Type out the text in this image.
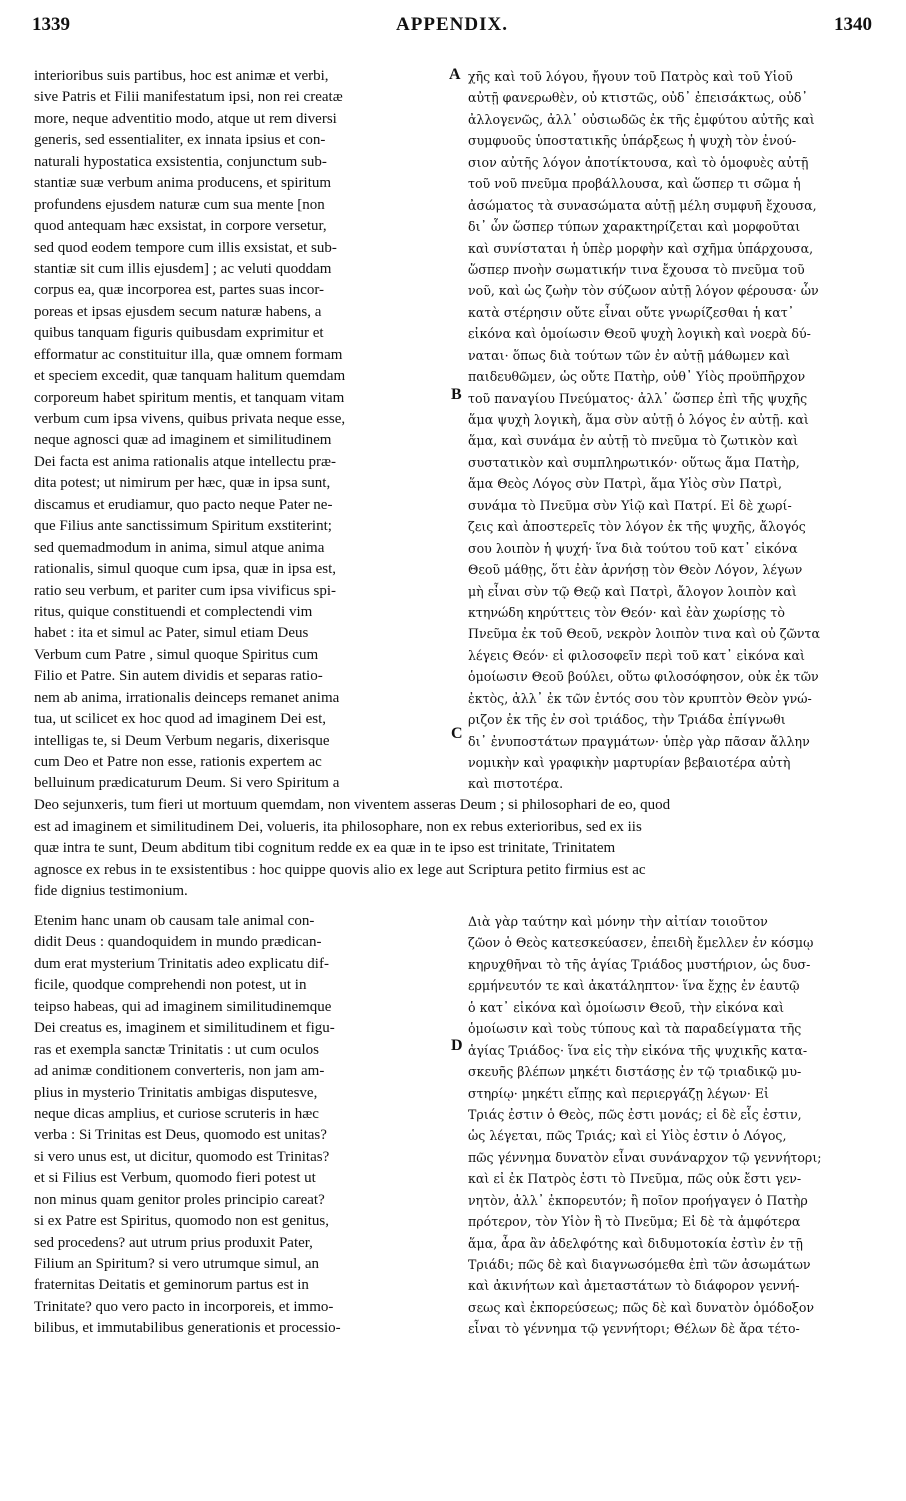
1339	APPENDIX.	1340
interioribus suis partibus, hoc est animæ et verbi,
sive Patris et Filii manifestatum ipsi, non rei creatæ
more, neque adventitio modo, atque ut rem diversi
generis, sed essentialiter, ex innata ipsius et con-
naturali hypostatica exsistentia, conjunctum sub-
stantiæ suæ verbum anima producens, et spiritum
profundens ejusdem naturæ cum sua mente [non
quod antequam hæc exsistat, in corpore versetur,
sed quod eodem tempore cum illis exsistat, et sub-
stantiæ sit cum illis ejusdem] ; ac veluti quoddam
corpus ea, quæ incorporea est, partes suas incor-
poreas et ipsas ejusdem secum naturæ habens, a
quibus tanquam figuris quibusdam exprimitur et
efformatur ac constituitur illa, quæ omnem formam
et speciem excedit, quæ tanquam halitum quemdam
corporeum habet spiritum mentis, et tanquam vitam
verbum cum ipsa vivens, quibus privata neque esse,
neque agnosci quæ ad imaginem et similitudinem
Dei facta est anima rationalis atque intellectu præ-
dita potest; ut nimirum per hæc, quæ in ipsa sunt,
discamus et erudiamur, quo pacto neque Pater ne-
que Filius ante sanctissimum Spiritum exstiterint;
sed quemadmodum in anima, simul atque anima
rationalis, simul quoque cum ipsa, quæ in ipsa est,
ratio seu verbum, et pariter cum ipsa vivificus spi-
ritus, quique constituendi et complectendi vim
habet : ita et simul ac Pater, simul etiam Deus
Verbum cum Patre , simul quoque Spiritus cum
Filio et Patre. Sin autem dividis et separas ratio-
nem ab anima, irrationalis deinceps remanet anima
tua, ut scilicet ex hoc quod ad imaginem Dei est,
intelligas te, si Deum Verbum negaris, dixerisque
cum Deo et Patre non esse, rationis expertem ac
belluinum prædicaturum Deum. Si vero Spiritum a
χῆς καὶ τοῦ λόγου, ἤγουν τοῦ Πατρὸς καὶ τοῦ Υἱοῦ
αὐτῇ φανερωθὲν, οὐ κτιστῶς, οὐδ᾽ ἐπεισάκτως, οὐδ᾽
ἀλλογενῶς, ἀλλ᾽ οὐσιωδῶς ἐκ τῆς ἐμφύτου αὐτῆς καὶ
συμφυοῦς ὑποστατικῆς ὑπάρξεως ἡ ψυχὴ τὸν ἐνού-
σιον αὐτῆς λόγον ἀποτίκτουσα, καὶ τὸ ὁμοφυὲς αὐτῇ
τοῦ νοῦ πνεῦμα προβάλλουσα, καὶ ὥσπερ τι σῶμα ἡ
ἀσώματος τὰ συνασώματα αὐτῇ μέλη συμφυῆ ἔχουσα,
δι᾽ ὧν ὥσπερ τύπων χαρακτηρίζεται καὶ μορφοῦται
καὶ συνίσταται ἡ ὑπὲρ μορφὴν καὶ σχῆμα ὑπάρχουσα,
ὥσπερ πνοὴν σωματικήν τινα ἔχουσα τὸ πνεῦμα τοῦ
νοῦ, καὶ ὡς ζωὴν τὸν σύζωον αὐτῇ λόγον φέρουσα· ὧν
κατὰ στέρησιν οὔτε εἶναι οὔτε γνωρίζεσθαι ἡ κατ᾽
εἰκόνα καὶ ὁμοίωσιν Θεοῦ ψυχὴ λογικὴ καὶ νοερὰ δύ-
ναται· ὅπως διὰ τούτων τῶν ἐν αὐτῇ μάθωμεν καὶ
παιδευθῶμεν, ὡς οὔτε Πατὴρ, οὐθ᾽ Υἱὸς προϋπῆρχον
τοῦ παναγίου Πνεύματος· ἀλλ᾽ ὥσπερ ἐπὶ τῆς ψυχῆς
ἅμα ψυχὴ λογικὴ, ἅμα σὺν αὐτῇ ὁ λόγος ἐν αὐτῇ. καὶ
ἅμα, καὶ συνάμα ἐν αὐτῇ τὸ πνεῦμα τὸ ζωτικὸν καὶ
συστατικὸν καὶ συμπληρωτικόν· οὕτως ἅμα Πατὴρ,
ἅμα Θεὸς Λόγος σὺν Πατρὶ, ἅμα Υἱὸς σὺν Πατρὶ,
συνάμα τὸ Πνεῦμα σὺν Υἱῷ καὶ Πατρί. Εἰ δὲ χωρί-
ζεις καὶ ἀποστερεῖς τὸν λόγον ἐκ τῆς ψυχῆς, ἄλογός
σου λοιπὸν ἡ ψυχή· ἵνα διὰ τούτου τοῦ κατ᾽ εἰκόνα
Θεοῦ μάθῃς, ὅτι ἐὰν ἀρνήσῃ τὸν Θεὸν Λόγον, λέγων
μὴ εἶναι σὺν τῷ Θεῷ καὶ Πατρὶ, ἄλογον λοιπὸν καὶ
κτηνώδη κηρύττεις τὸν Θεόν· καὶ ἐὰν χωρίσῃς τὸ
Πνεῦμα ἐκ τοῦ Θεοῦ, νεκρὸν λοιπὸν τινα καὶ οὐ ζῶντα
λέγεις Θεόν· εἰ φιλοσοφεῖν περὶ τοῦ κατ᾽ εἰκόνα καὶ
ὁμοίωσιν Θεοῦ βούλει, οὕτω φιλοσόφησον, οὐκ ἐκ τῶν
ἐκτὸς, ἀλλ᾽ ἐκ τῶν ἐντός σου τὸν κρυπτὸν Θεὸν γνώ-
ριζον ἐκ τῆς ἐν σοὶ τριάδος, τὴν Τριάδα ἐπίγνωθι
δι᾽ ἐνυποστάτων πραγμάτων· ὑπὲρ γὰρ πᾶσαν ἄλλην
νομικὴν καὶ γραφικὴν μαρτυρίαν βεβαιοτέρα αὐτὴ
καὶ πιστοτέρα.
Deo sejunxeris, tum fieri ut mortuum quemdam, non viventem asseras Deum ; si philosophari de eo, quod
est ad imaginem et similitudinem Dei, volueris, ita philosophare, non ex rebus exterioribus, sed ex iis
quæ intra te sunt, Deum abditum tibi cognitum redde ex ea quæ in te ipso est trinitate, Trinitatem
agnosce ex rebus in te exsistentibus : hoc quippe quovis alio ex lege aut Scriptura petito firmius est ac
fide dignius testimonium.
Etenim hanc unam ob causam tale animal con-
didit Deus : quandoquidem in mundo prædican-
dum erat mysterium Trinitatis adeo explicatu dif-
ficile, quodque comprehendi non potest, ut in
teipso habeas, qui ad imaginem similitudinemque
Dei creatus es, imaginem et similitudinem et figu-
ras et exempla sanctæ Trinitatis : ut cum oculos
ad animæ conditionem converteris, non jam am-
plius in mysterio Trinitatis ambigas disputesve,
neque dicas amplius, et curiose scruteris in hæc
verba : Si Trinitas est Deus, quomodo est unitas?
si vero unus est, ut dicitur, quomodo est Trinitas?
et si Filius est Verbum, quomodo fieri potest ut
non minus quam genitor proles principio careat?
si ex Patre est Spiritus, quomodo non est genitus,
sed procedens? aut utrum prius produxit Pater,
Filium an Spiritum? si vero utrumque simul, an
fraternitas Deitatis et geminorum partus est in
Trinitate? quo vero pacto in incorporeis, et immo-
bilibus, et immutabilibus generationis et processio-
Διὰ γὰρ ταύτην καὶ μόνην τὴν αἰτίαν τοιοῦτον
ζῶον ὁ Θεὸς κατεσκεύασεν, ἐπειδὴ ἔμελλεν ἐν κόσμῳ
κηρυχθῆναι τὸ τῆς ἁγίας Τριάδος μυστήριον, ὡς δυσ-
ερμήνευτόν τε καὶ ἀκατάληπτον· ἵνα ἔχῃς ἐν ἑαυτῷ
ὁ κατ᾽ εἰκόνα καὶ ὁμοίωσιν Θεοῦ, τὴν εἰκόνα καὶ
ὁμοίωσιν καὶ τοὺς τύπους καὶ τὰ παραδείγματα τῆς
ἁγίας Τριάδος· ἵνα εἰς τὴν εἰκόνα τῆς ψυχικῆς κατα-
σκευῆς βλέπων μηκέτι διστάσῃς ἐν τῷ τριαδικῷ μυ-
στηρίῳ· μηκέτι εἴπῃς καὶ περιεργάζῃ λέγων· Εἰ
Τριάς ἐστιν ὁ Θεὸς, πῶς ἐστι μονάς; εἰ δὲ εἷς ἐστιν,
ὡς λέγεται, πῶς Τριάς; καὶ εἰ Υἱὸς ἐστιν ὁ Λόγος,
πῶς γέννημα δυνατὸν εἶναι συνάναρχον τῷ γεννήτορι;
καὶ εἰ ἐκ Πατρὸς ἐστι τὸ Πνεῦμα, πῶς οὐκ ἔστι γεν-
νητὸν, ἀλλ᾽ ἐκπορευτόν; ἢ ποῖον προήγαγεν ὁ Πατὴρ
πρότερον, τὸν Υἱὸν ἢ τὸ Πνεῦμα; Εἰ δὲ τὰ ἀμφότερα
ἅμα, ἆρα ἂν ἀδελφότης καὶ διδυμοτοκία ἐστὶν ἐν τῇ
Τριάδι; πῶς δὲ καὶ διαγνωσόμεθα ἐπὶ τῶν ἀσωμάτων
καὶ ἀκινήτων καὶ ἀμεταστάτων τὸ διάφορον γεννή-
σεως καὶ ἐκπορεύσεως; πῶς δὲ καὶ δυνατὸν ὁμόδοξον
εἶναι τὸ γέννημα τῷ γεννήτορι; Θέλων δὲ ἄρα τέτο-
A
B
C
D
